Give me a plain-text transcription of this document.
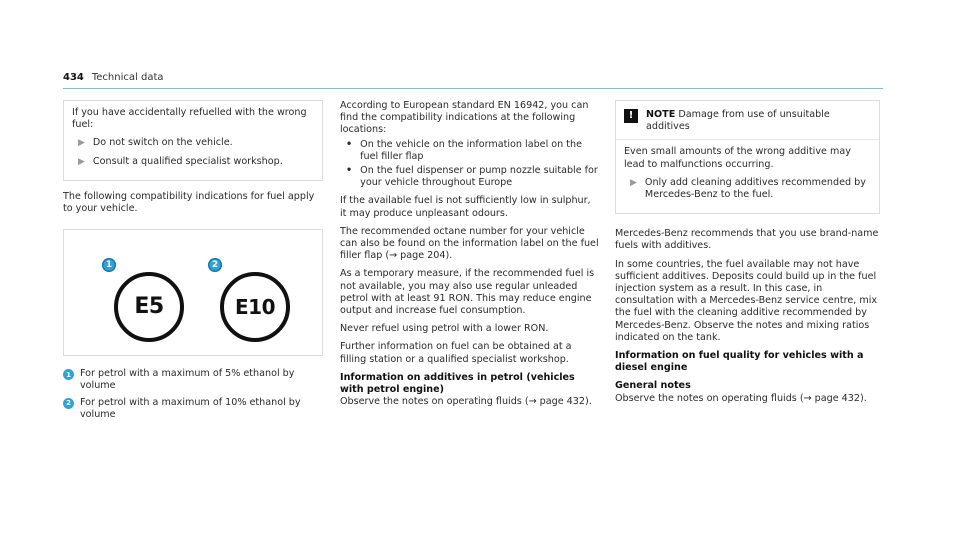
434 Technical data

If you have accidentally refuelled with the wrong fuel:

▶ Do not switch on the vehicle.
▶ Consult a qualified specialist workshop.

The following compatibility indications for fuel apply to your vehicle.

1
E5
2
E10
1 For petrol with a maximum of 5% ethanol by volume
2 For petrol with a maximum of 10% ethanol by volume

According to European standard EN 16942, you can find the compatibility indications at the following locations:

• On the vehicle on the information label on the fuel filler flap
• On the fuel dispenser or pump nozzle suitable for your vehicle throughout Europe

If the available fuel is not sufficiently low in sulphur, it may produce unpleasant odours.

The recommended octane number for your vehicle can also be found on the information label on the fuel filler flap (→ page 204).

As a temporary measure, if the recommended fuel is not available, you may also use regular unleaded petrol with at least 91 RON. This may reduce engine output and increase fuel consumption.

Never refuel using petrol with a lower RON.

Further information on fuel can be obtained at a filling station or a qualified specialist workshop.

Information on additives in petrol (vehicles with petrol engine)

Observe the notes on operating fluids (→ page 432).

!	NOTE Damage from use of unsuitable additives

Even small amounts of the wrong additive may lead to malfunctions occurring.

▶ Only add cleaning additives recommended by Mercedes-Benz to the fuel.

Mercedes-Benz recommends that you use brand-name fuels with additives.

In some countries, the fuel available may not have sufficient additives. Deposits could build up in the fuel injection system as a result. In this case, in consultation with a Mercedes-Benz service centre, mix the fuel with the cleaning additive recommended by Mercedes-Benz. Observe the notes and mixing ratios indicated on the tank.

Information on fuel quality for vehicles with a diesel engine

General notes

Observe the notes on operating fluids (→ page 432).
